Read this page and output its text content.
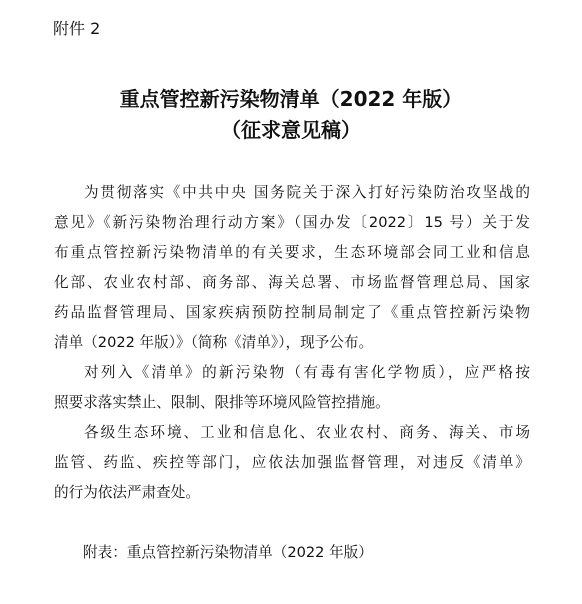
附件 2
重点管控新污染物清单（2022 年版）
（征求意见稿）
为贯彻落实《中共中央 国务院关于深入打好污染防治攻坚战的
意见》《新污染物治理行动方案》（国办发〔2022〕15 号）关于发
布重点管控新污染物清单的有关要求，生态环境部会同工业和信息
化部、农业农村部、商务部、海关总署、市场监督管理总局、国家
药品监督管理局、国家疾病预防控制局制定了《重点管控新污染物
清单（2022 年版）》（简称《清单》），现予公布。
对列入《清单》的新污染物（有毒有害化学物质），应严格按
照要求落实禁止、限制、限排等环境风险管控措施。
各级生态环境、工业和信息化、农业农村、商务、海关、市场
监管、药监、疾控等部门，应依法加强监督管理，对违反《清单》
的行为依法严肃查处。
附表：重点管控新污染物清单（2022 年版）
